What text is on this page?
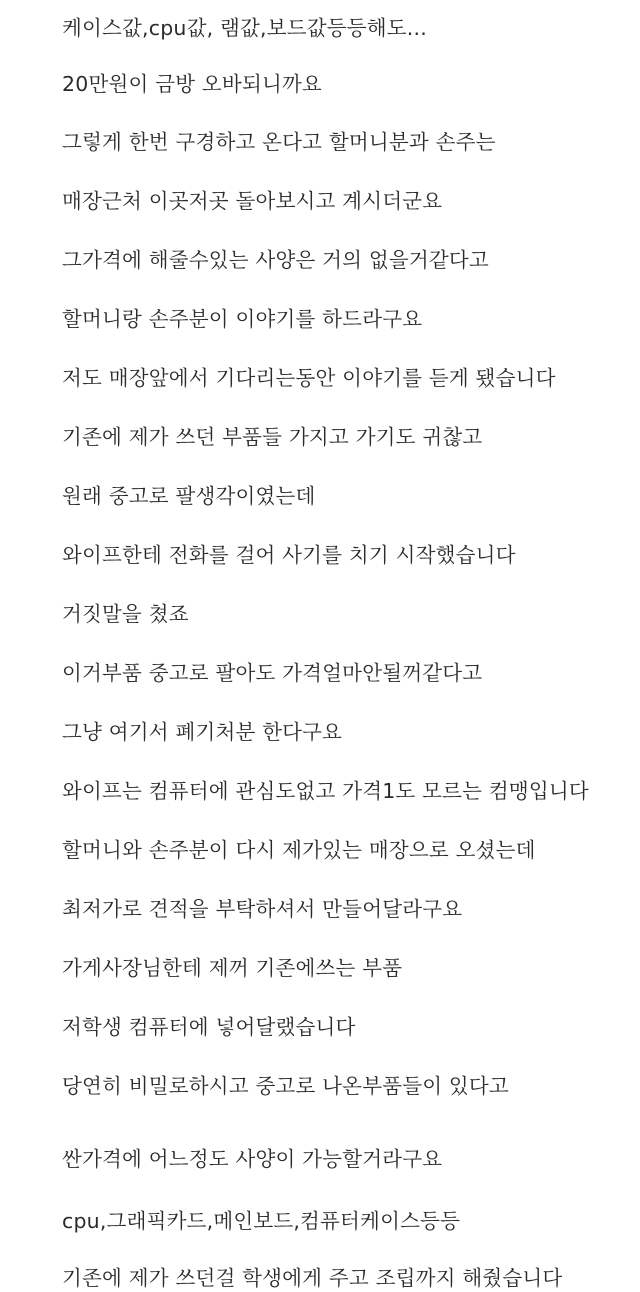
케이스값,cpu값, 램값,보드값등등해도...

20만원이 금방 오바되니까요

그렇게 한번 구경하고 온다고 할머니분과 손주는

매장근처 이곳저곳 돌아보시고 계시더군요

그가격에 해줄수있는 사양은 거의 없을거같다고

할머니랑 손주분이 이야기를 하드라구요

저도 매장앞에서 기다리는동안 이야기를 듣게 됐습니다

기존에 제가 쓰던 부품들 가지고 가기도 귀찮고

원래 중고로 팔생각이였는데

와이프한테 전화를 걸어 사기를 치기 시작했습니다

거짓말을 쳤죠

이거부품 중고로 팔아도 가격얼마안될꺼같다고

그냥 여기서 폐기처분 한다구요

와이프는 컴퓨터에 관심도없고 가격1도 모르는 컴맹입니다

할머니와 손주분이 다시 제가있는 매장으로 오셨는데

최저가로 견적을 부탁하셔서 만들어달라구요

가게사장님한테 제꺼 기존에쓰는 부품

저학생 컴퓨터에 넣어달랬습니다

당연히 비밀로하시고 중고로 나온부품들이 있다고

싼가격에 어느정도 사양이 가능할거라구요

cpu,그래픽카드,메인보드,컴퓨터케이스등등

기존에 제가 쓰던걸 학생에게 주고 조립까지 해줬습니다
